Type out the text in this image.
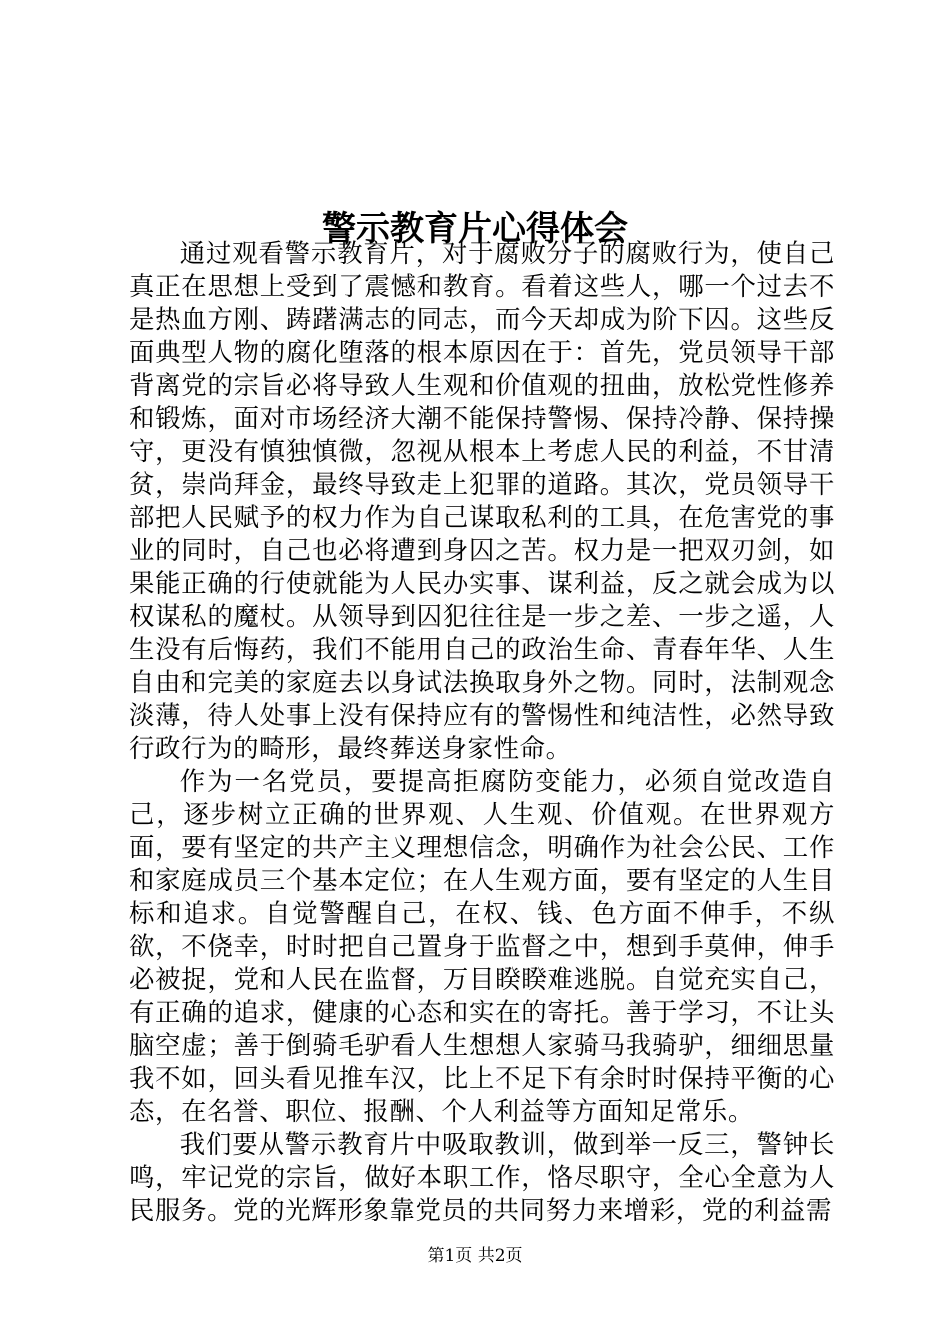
警示教育片心得体会

通过观看警示教育片，对于腐败分子的腐败行为，使自己真正在思想上受到了震憾和教育。看着这些人，哪一个过去不是热血方刚、踌躇满志的同志，而今天却成为阶下囚。这些反面典型人物的腐化堕落的根本原因在于：首先，党员领导干部背离党的宗旨必将导致人生观和价值观的扭曲，放松党性修养和锻炼，面对市场经济大潮不能保持警惕、保持冷静、保持操守，更没有慎独慎微，忽视从根本上考虑人民的利益，不甘清贫，崇尚拜金，最终导致走上犯罪的道路。其次，党员领导干部把人民赋予的权力作为自己谋取私利的工具，在危害党的事业的同时，自己也必将遭到身囚之苦。权力是一把双刃剑，如果能正确的行使就能为人民办实事、谋利益，反之就会成为以权谋私的魔杖。从领导到囚犯往往是一步之差、一步之遥，人生没有后悔药，我们不能用自己的政治生命、青春年华、人生自由和完美的家庭去以身试法换取身外之物。同时，法制观念淡薄，待人处事上没有保持应有的警惕性和纯洁性，必然导致行政行为的畸形，最终葬送身家性命。

作为一名党员，要提高拒腐防变能力，必须自觉改造自己，逐步树立正确的世界观、人生观、价值观。在世界观方面，要有坚定的共产主义理想信念，明确作为社会公民、工作和家庭成员三个基本定位；在人生观方面，要有坚定的人生目标和追求。自觉警醒自己，在权、钱、色方面不伸手，不纵欲，不侥幸，时时把自己置身于监督之中，想到手莫伸，伸手必被捉，党和人民在监督，万目睽睽难逃脱。自觉充实自己，有正确的追求，健康的心态和实在的寄托。善于学习，不让头脑空虚；善于倒骑毛驴看人生想想人家骑马我骑驴，细细思量我不如，回头看见推车汉，比上不足下有余时时保持平衡的心态，在名誉、职位、报酬、个人利益等方面知足常乐。

我们要从警示教育片中吸取教训，做到举一反三，警钟长鸣，牢记党的宗旨，做好本职工作，恪尽职守，全心全意为人民服务。党的光辉形象靠党员的共同努力来增彩，党的利益需

第1页 共2页
